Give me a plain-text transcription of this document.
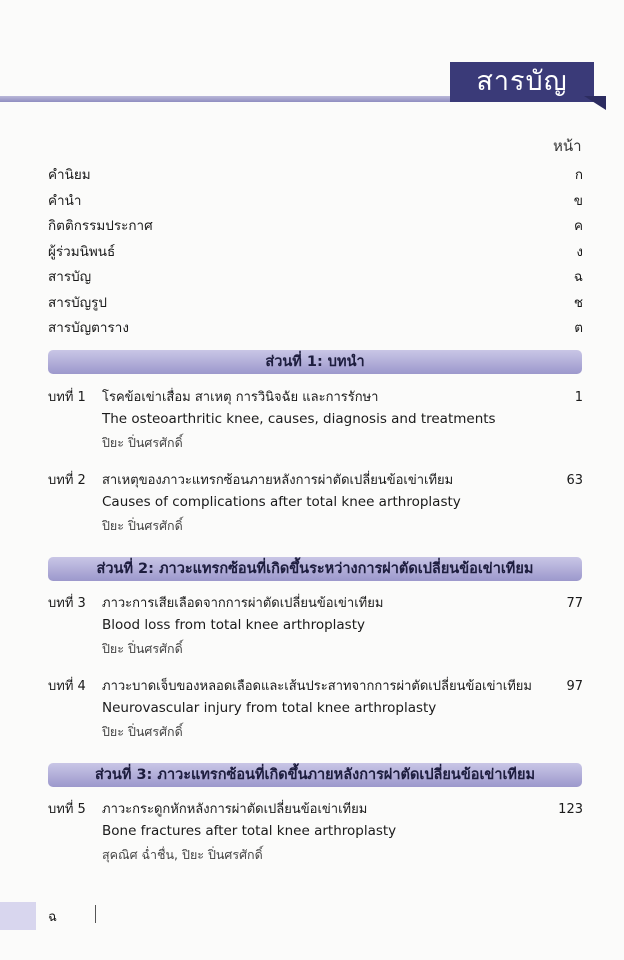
สารบัญ
หน้า
คำนิยม	ก
คำนำ	ข
กิตติกรรมประกาศ	ค
ผู้ร่วมนิพนธ์	ง
สารบัญ	ฉ
สารบัญรูป	ช
สารบัญตาราง	ต
ส่วนที่ 1: บทนำ
บทที่ 1 โรคข้อเข่าเสื่อม สาเหตุ การวินิจฉัย และการรักษา	1
The osteoarthritic knee, causes, diagnosis and treatments
ปิยะ ปิ่นศรศักดิ์
บทที่ 2 สาเหตุของภาวะแทรกซ้อนภายหลังการผ่าตัดเปลี่ยนข้อเข่าเทียม	63
Causes of complications after total knee arthroplasty
ปิยะ ปิ่นศรศักดิ์
ส่วนที่ 2: ภาวะแทรกซ้อนที่เกิดขึ้นระหว่างการผ่าตัดเปลี่ยนข้อเข่าเทียม
บทที่ 3 ภาวะการเสียเลือดจากการผ่าตัดเปลี่ยนข้อเข่าเทียม	77
Blood loss from total knee arthroplasty
ปิยะ ปิ่นศรศักดิ์
บทที่ 4 ภาวะบาดเจ็บของหลอดเลือดและเส้นประสาทจากการผ่าตัดเปลี่ยนข้อเข่าเทียม	97
Neurovascular injury from total knee arthroplasty
ปิยะ ปิ่นศรศักดิ์
ส่วนที่ 3: ภาวะแทรกซ้อนที่เกิดขึ้นภายหลังการผ่าตัดเปลี่ยนข้อเข่าเทียม
บทที่ 5 ภาวะกระดูกหักหลังการผ่าตัดเปลี่ยนข้อเข่าเทียม	123
Bone fractures after total knee arthroplasty
สุคณิศ ฉ่ำชื่น, ปิยะ ปิ่นศรศักดิ์
ฉ
